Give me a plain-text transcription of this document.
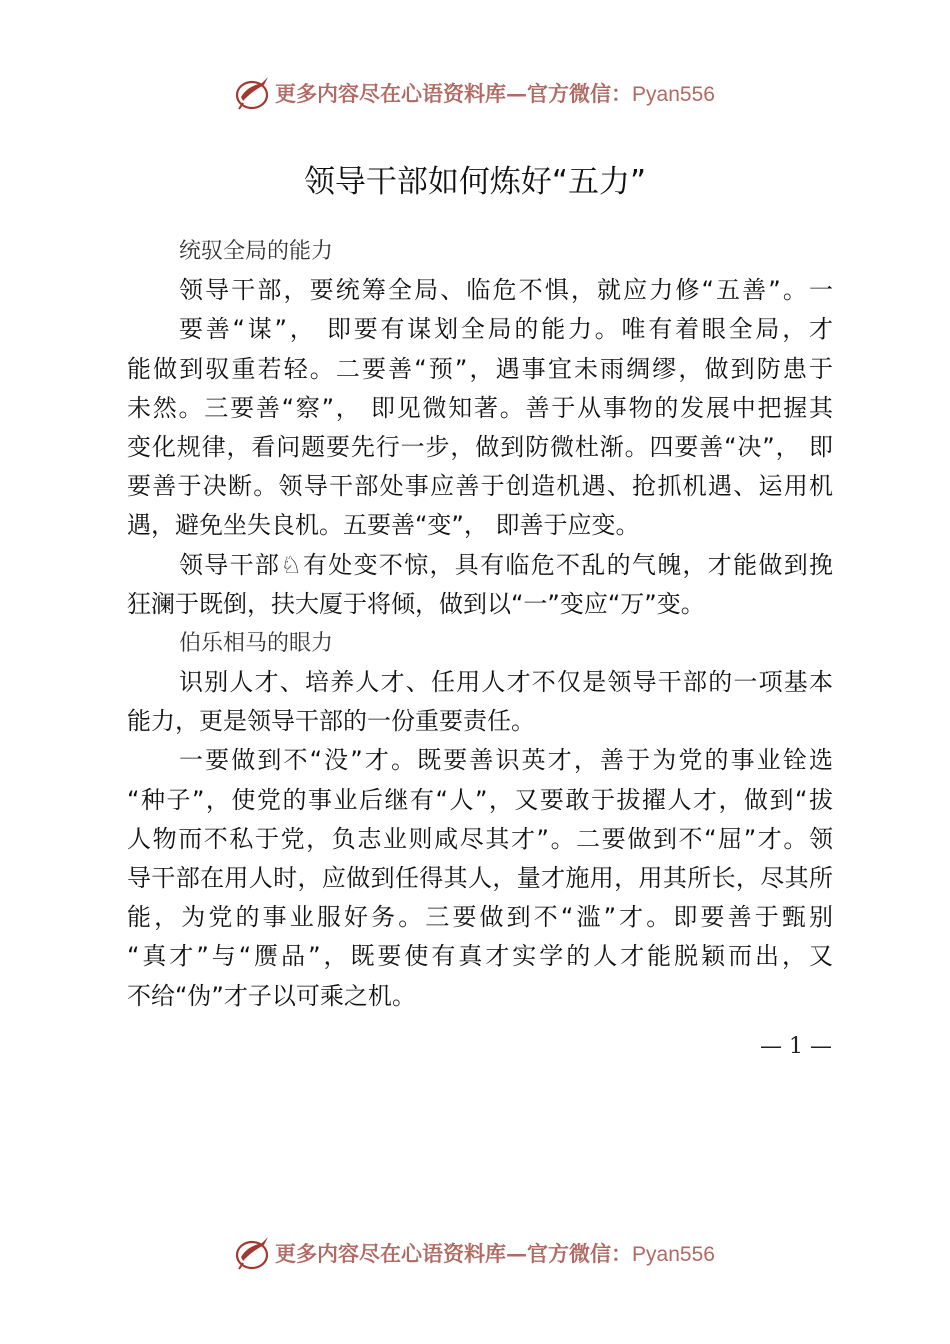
更多内容尽在心语资料库—官方微信：Pyan556
领导干部如何炼好“五力”
统驭全局的能力
领导干部，要统筹全局、临危不惧，就应力修“五善”。一
要善“谋”， 即要有谋划全局的能力。唯有着眼全局，才
能做到驭重若轻。二要善“预”，遇事宜未雨绸缪，做到防患于
未然。三要善“察”， 即见微知著。善于从事物的发展中把握其
变化规律，看问题要先行一步，做到防微杜渐。四要善“决”， 即
要善于决断。领导干部处事应善于创造机遇、抢抓机遇、运用机
遇，避免坐失良机。五要善“变”， 即善于应变。
领导干部♘有处变不惊，具有临危不乱的气魄，才能做到挽
狂澜于既倒，扶大厦于将倾，做到以“一”变应“万”变。
伯乐相马的眼力
识别人才、培养人才、任用人才不仅是领导干部的一项基本
能力，更是领导干部的一份重要责任。
一要做到不“没”才。既要善识英才，善于为党的事业铨选
“种子”，使党的事业后继有“人”，又要敢于拔擢人才，做到“拔
人物而不私于党，负志业则咸尽其才”。二要做到不“屈”才。领
导干部在用人时，应做到任得其人，量才施用，用其所长，尽其所
能，为党的事业服好务。三要做到不“滥”才。即要善于甄别
“真才”与“赝品”，既要使有真才实学的人才能脱颖而出，又
不给“伪”才子以可乘之机。
— 1 —
更多内容尽在心语资料库—官方微信：Pyan556
